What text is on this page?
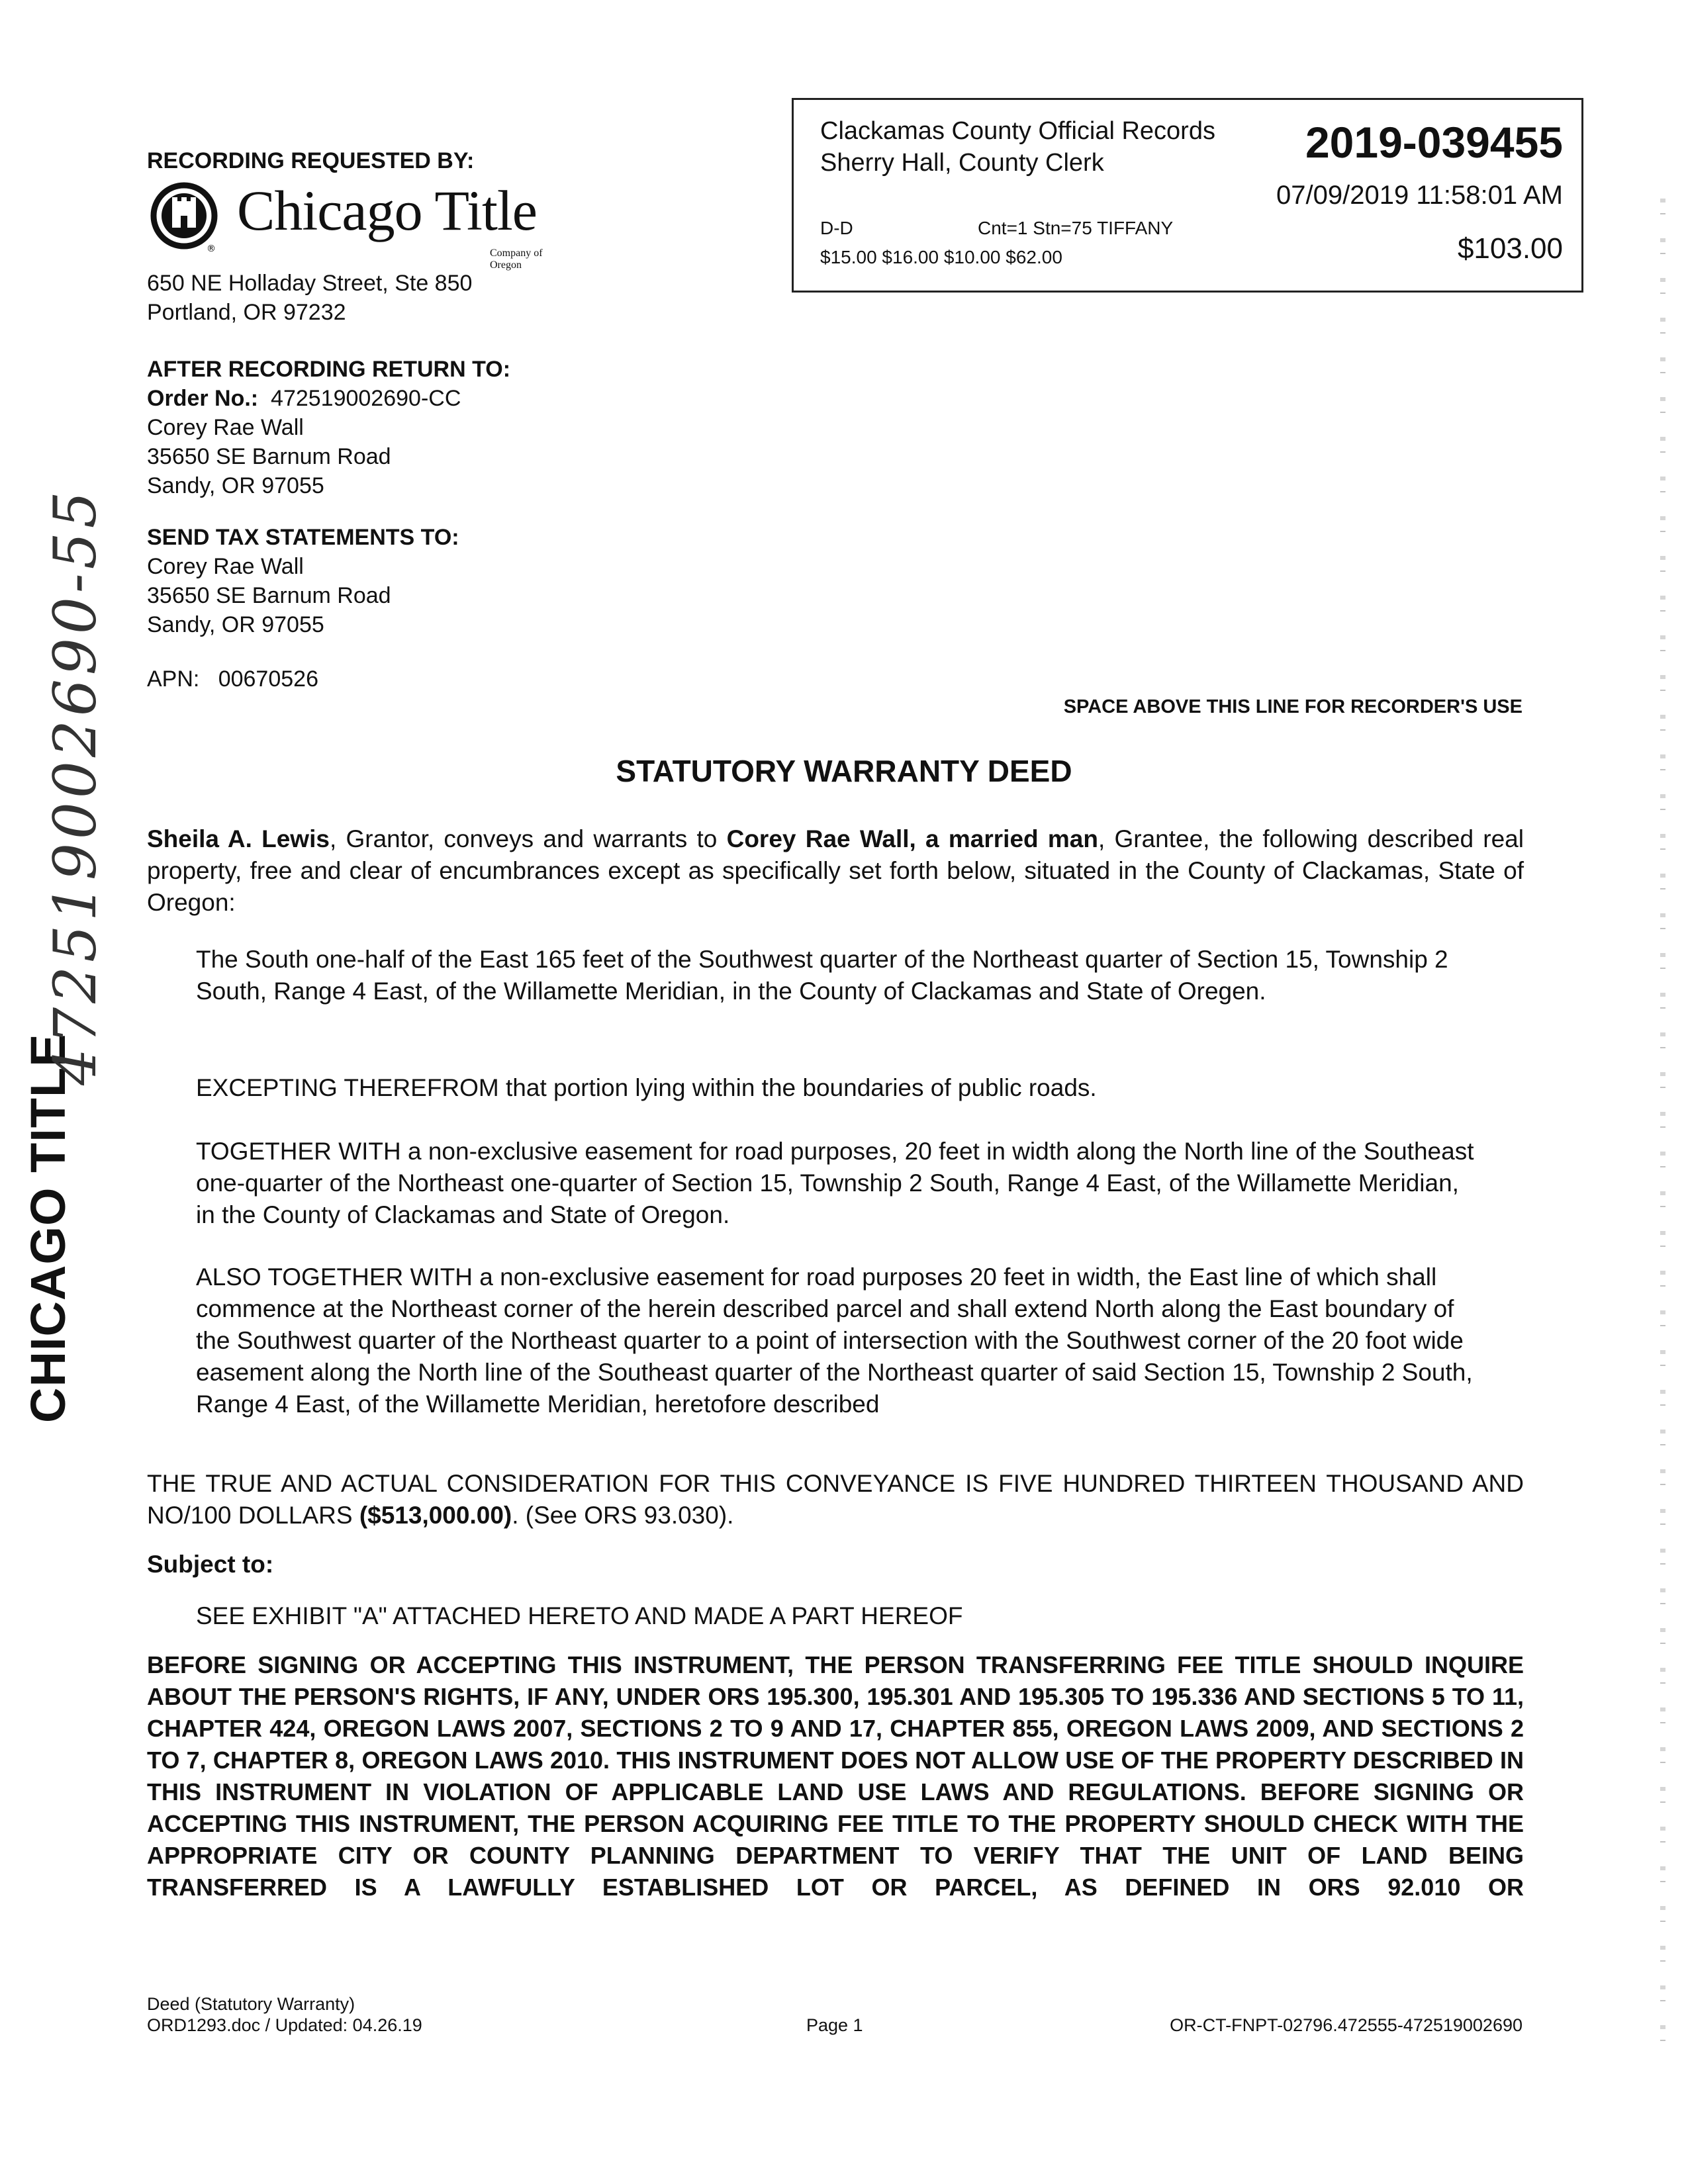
CHICAGO TITLE
472519002690-55
RECORDING REQUESTED BY:
®
Chicago Title
Company of Oregon
650 NE Holladay Street, Ste 850
Portland, OR 97232
AFTER RECORDING RETURN TO:
Order No.: 472519002690-CC
Corey Rae Wall
35650 SE Barnum Road
Sandy, OR 97055
SEND TAX STATEMENTS TO:
Corey Rae Wall
35650 SE Barnum Road
Sandy, OR 97055
APN: 00670526
Clackamas County Official Records
Sherry Hall, County Clerk	2019-039455
07/09/2019 11:58:01 AM
D-D	Cnt=1 Stn=75 TIFFANY
$15.00 $16.00 $10.00 $62.00	$103.00
SPACE ABOVE THIS LINE FOR RECORDER'S USE
STATUTORY WARRANTY DEED
Sheila A. Lewis, Grantor, conveys and warrants to Corey Rae Wall, a married man, Grantee, the following described real property, free and clear of encumbrances except as specifically set forth below, situated in the County of Clackamas, State of Oregon:
The South one-half of the East 165 feet of the Southwest quarter of the Northeast quarter of Section 15, Township 2 South, Range 4 East, of the Willamette Meridian, in the County of Clackamas and State of Oregen.
EXCEPTING THEREFROM that portion lying within the boundaries of public roads.
TOGETHER WITH a non-exclusive easement for road purposes, 20 feet in width along the North line of the Southeast one-quarter of the Northeast one-quarter of Section 15, Township 2 South, Range 4 East, of the Willamette Meridian, in the County of Clackamas and State of Oregon.
ALSO TOGETHER WITH a non-exclusive easement for road purposes 20 feet in width, the East line of which shall commence at the Northeast corner of the herein described parcel and shall extend North along the East boundary of the Southwest quarter of the Northeast quarter to a point of intersection with the Southwest corner of the 20 foot wide easement along the North line of the Southeast quarter of the Northeast quarter of said Section 15, Township 2 South, Range 4 East, of the Willamette Meridian, heretofore described
THE TRUE AND ACTUAL CONSIDERATION FOR THIS CONVEYANCE IS FIVE HUNDRED THIRTEEN THOUSAND AND NO/100 DOLLARS ($513,000.00). (See ORS 93.030).
Subject to:
SEE EXHIBIT "A" ATTACHED HERETO AND MADE A PART HEREOF
BEFORE SIGNING OR ACCEPTING THIS INSTRUMENT, THE PERSON TRANSFERRING FEE TITLE SHOULD INQUIRE ABOUT THE PERSON'S RIGHTS, IF ANY, UNDER ORS 195.300, 195.301 AND 195.305 TO 195.336 AND SECTIONS 5 TO 11, CHAPTER 424, OREGON LAWS 2007, SECTIONS 2 TO 9 AND 17, CHAPTER 855, OREGON LAWS 2009, AND SECTIONS 2 TO 7, CHAPTER 8, OREGON LAWS 2010. THIS INSTRUMENT DOES NOT ALLOW USE OF THE PROPERTY DESCRIBED IN THIS INSTRUMENT IN VIOLATION OF APPLICABLE LAND USE LAWS AND REGULATIONS. BEFORE SIGNING OR ACCEPTING THIS INSTRUMENT, THE PERSON ACQUIRING FEE TITLE TO THE PROPERTY SHOULD CHECK WITH THE APPROPRIATE CITY OR COUNTY PLANNING DEPARTMENT TO VERIFY THAT THE UNIT OF LAND BEING TRANSFERRED IS A LAWFULLY ESTABLISHED LOT OR PARCEL, AS DEFINED IN ORS 92.010 OR
Deed (Statutory Warranty)
ORD1293.doc / Updated: 04.26.19	Page 1	OR-CT-FNPT-02796.472555-472519002690
